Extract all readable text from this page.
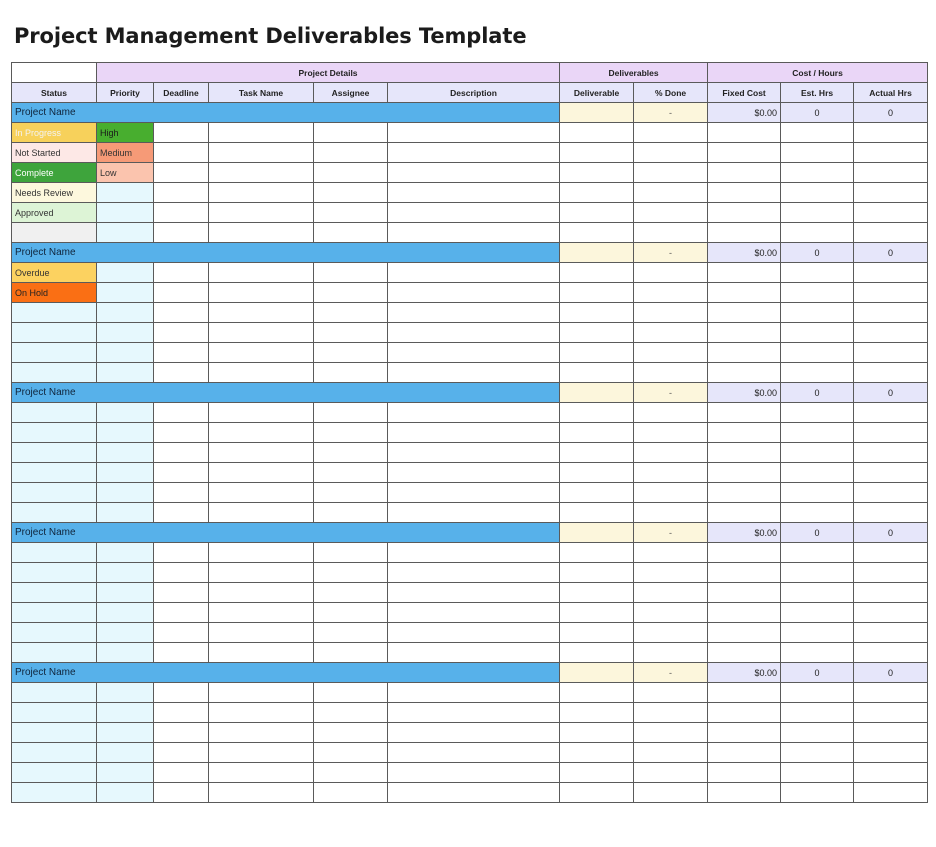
Project Management Deliverables Template
	Project Details					Deliverables		Cost / Hours		
Status	Priority	Deadline	Task Name	Assignee	Description	Deliverable	% Done	Fixed Cost	Est. Hrs	Actual Hrs
Project Name							-	$0.00	0	0
In Progress	High									
Not Started	Medium									
Complete	Low									
Needs Review										
Approved										

Project Name							-	$0.00	0	0
Overdue										
On Hold										

Project Name							-	$0.00	0	0

Project Name							-	$0.00	0	0

Project Name							-	$0.00	0	0
